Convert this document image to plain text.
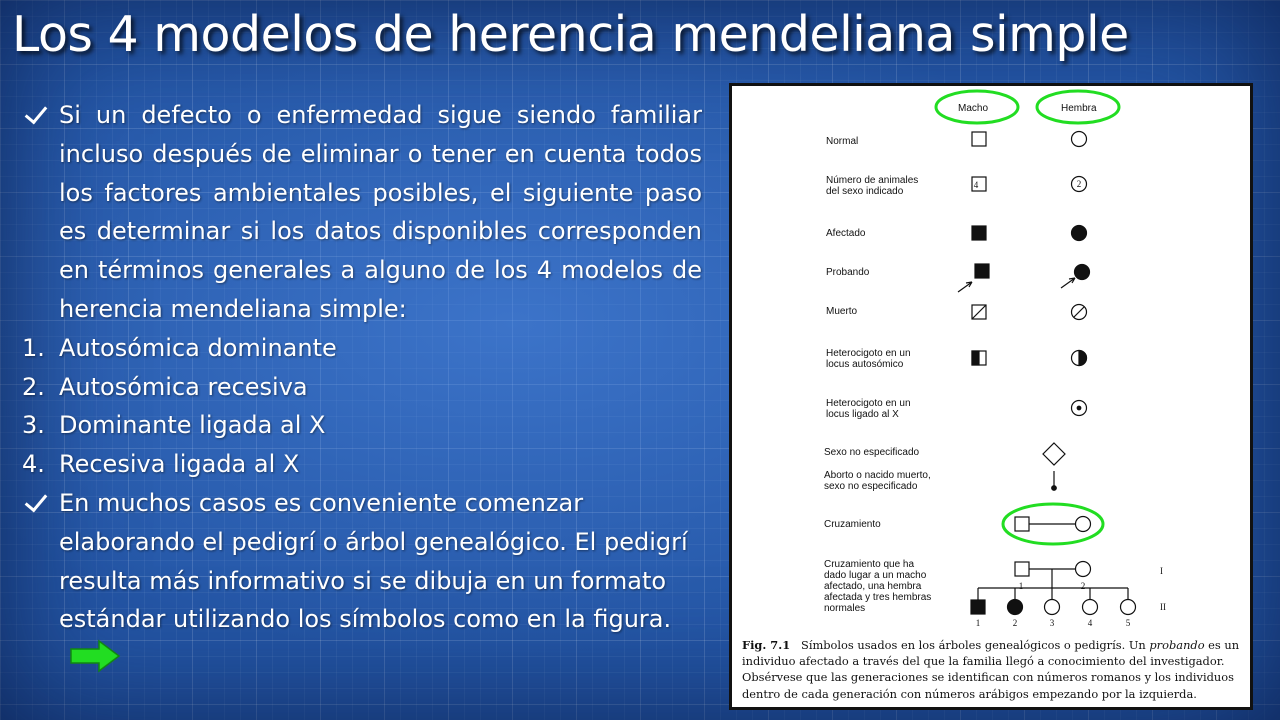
Los 4 modelos de herencia mendeliana simple
Si un defecto o enfermedad sigue siendo familiar incluso después de eliminar o tener en cuenta todos los factores ambientales posibles, el siguiente paso es determinar si los datos disponibles corresponden en términos generales a alguno de los 4 modelos de herencia mendeliana simple:
1. Autosómica dominante
2. Autosómica recesiva
3. Dominante ligada al X
4. Recesiva ligada al X
En muchos casos es conveniente comenzar elaborando el pedigrí o árbol genealógico. El pedigrí resulta más informativo si se dibuja en un formato estándar utilizando los símbolos como en la figura.
Macho	Hembra
Normal
Número de animales
del sexo indicado
Afectado
Probando
Muerto
Heterocigoto en un
locus autosómico
Heterocigoto en un
locus ligado al X
Sexo no especificado
Aborto o nacido muerto,
sexo no especificado
Cruzamiento
Cruzamiento que ha
dado lugar a un macho
afectado, una hembra
afectada y tres hembras
normales
4	2
I
II
1	2
1	2	3	4	5
Fig. 7.1 Símbolos usados en los árboles genealógicos o pedigrís. Un probando es un individuo afectado a través del que la familia llegó a conocimiento del investigador. Obsérvese que las generaciones se identifican con números romanos y los individuos dentro de cada generación con números arábigos empezando por la izquierda.
